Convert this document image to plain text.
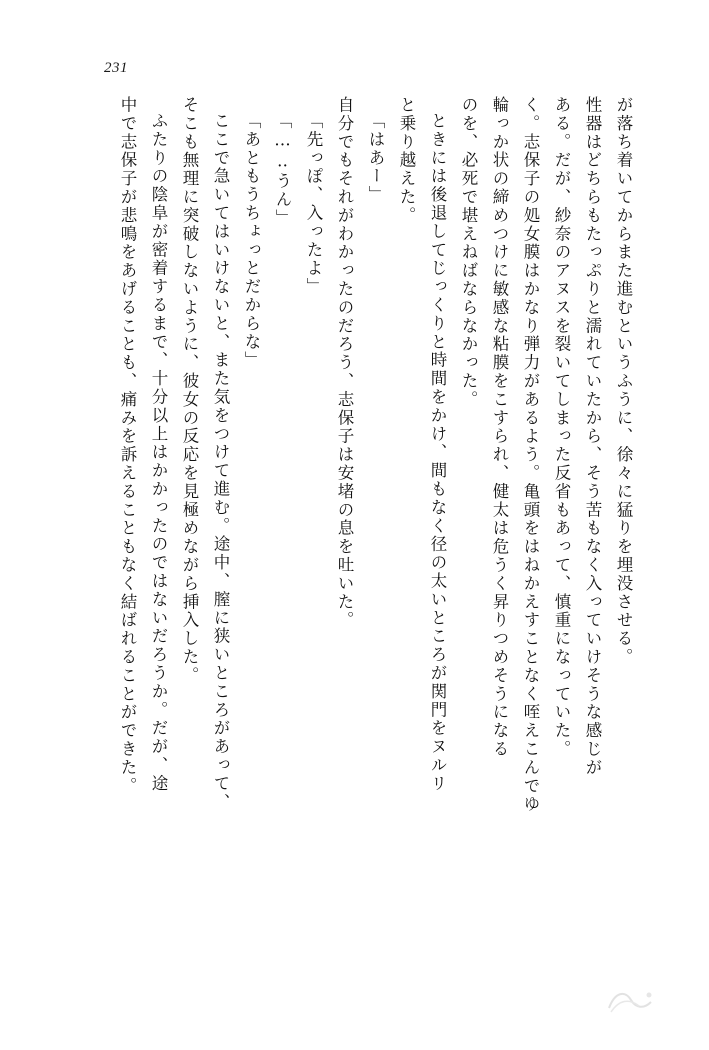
231
が落ち着いてからまた進むというふうに、徐々に猛りを埋没させる。
性器はどちらもたっぷりと濡れていたから、そう苦もなく入っていけそうな感じが
ある。だが、紗奈のアヌスを裂いてしまった反省もあって、慎重になっていた。
く。志保子の処女膜はかなり弾力があるよう。亀頭をはねかえすことなく咥えこんでゆ
輪っか状の締めつけに敏感な粘膜をこすられ、健太は危うく昇りつめそうになる
のを、必死で堪えねばならなかった。
ときには後退してじっくりと時間をかけ、間もなく径の太いところが関門をヌルリ
と乗り越えた。
「はあー」
自分でもそれがわかったのだろう、志保子は安堵の息を吐いた。
「先っぽ、入ったよ」
「…‥うん」
「あともうちょっとだからな」
ここで急いてはいけないと、また気をつけて進む。途中、膣に狭いところがあって、
そこも無理に突破しないように、彼女の反応を見極めながら挿入した。
ふたりの陰阜が密着するまで、十分以上はかかったのではないだろうか。だが、途
中で志保子が悲鳴をあげることも、痛みを訴えることもなく結ばれることができた。
